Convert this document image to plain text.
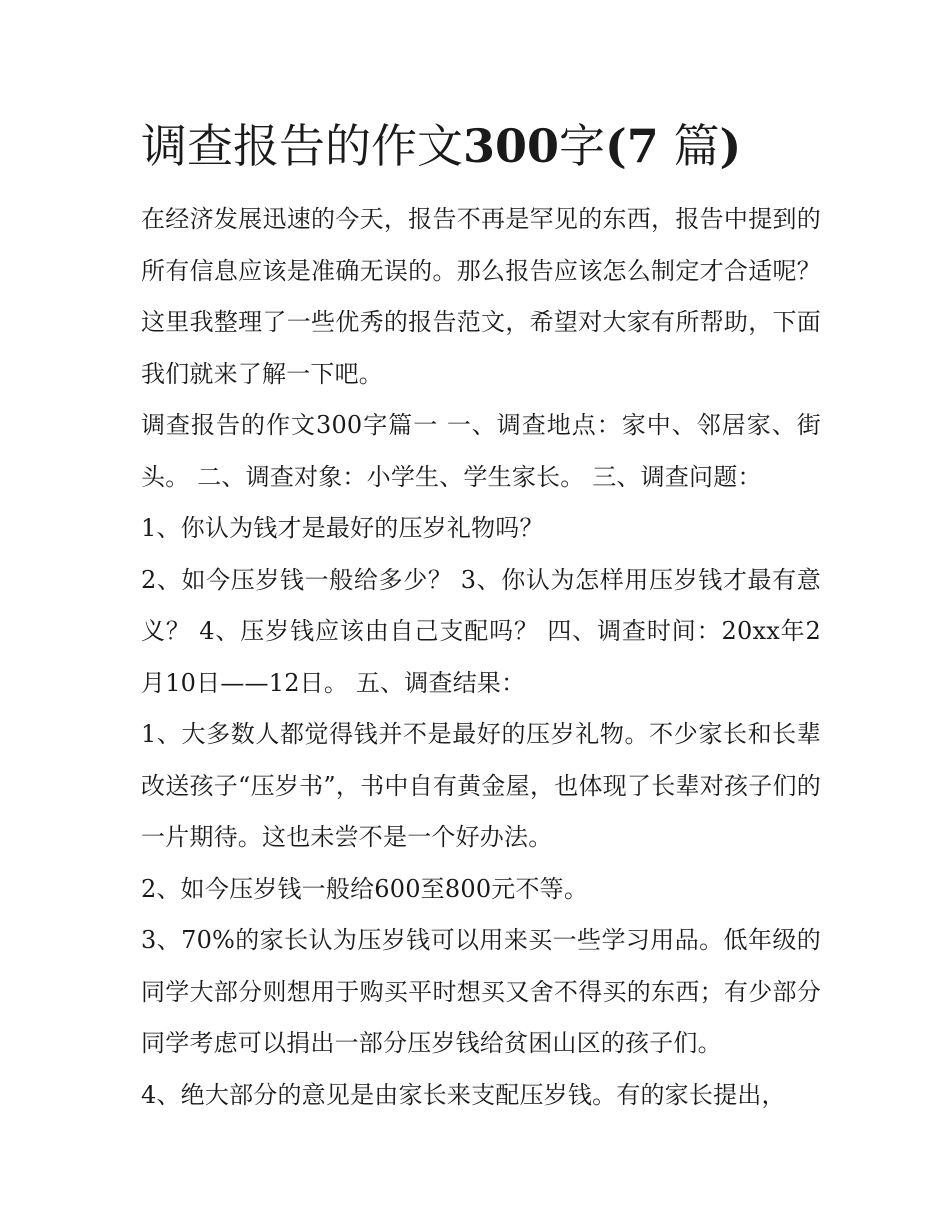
调查报告的作文300字(7 篇)

在经济发展迅速的今天，报告不再是罕见的东西，报告中提到的所有信息应该是准确无误的。那么报告应该怎么制定才合适呢？这里我整理了一些优秀的报告范文，希望对大家有所帮助，下面我们就来了解一下吧。

调查报告的作文300字篇一 一、调查地点：家中、邻居家、街头。 二、调查对象：小学生、学生家长。 三、调查问题：

1、你认为钱才是最好的压岁礼物吗？

2、如今压岁钱一般给多少？ 3、你认为怎样用压岁钱才最有意义？ 4、压岁钱应该由自己支配吗？ 四、调查时间：20xx年2月10日——12日。 五、调查结果：

1、大多数人都觉得钱并不是最好的压岁礼物。不少家长和长辈改送孩子“压岁书”，书中自有黄金屋，也体现了长辈对孩子们的一片期待。这也未尝不是一个好办法。

2、如今压岁钱一般给600至800元不等。

3、70%的家长认为压岁钱可以用来买一些学习用品。低年级的同学大部分则想用于购买平时想买又舍不得买的东西；有少部分同学考虑可以捐出一部分压岁钱给贫困山区的孩子们。

4、绝大部分的意见是由家长来支配压岁钱。有的家长提出，
